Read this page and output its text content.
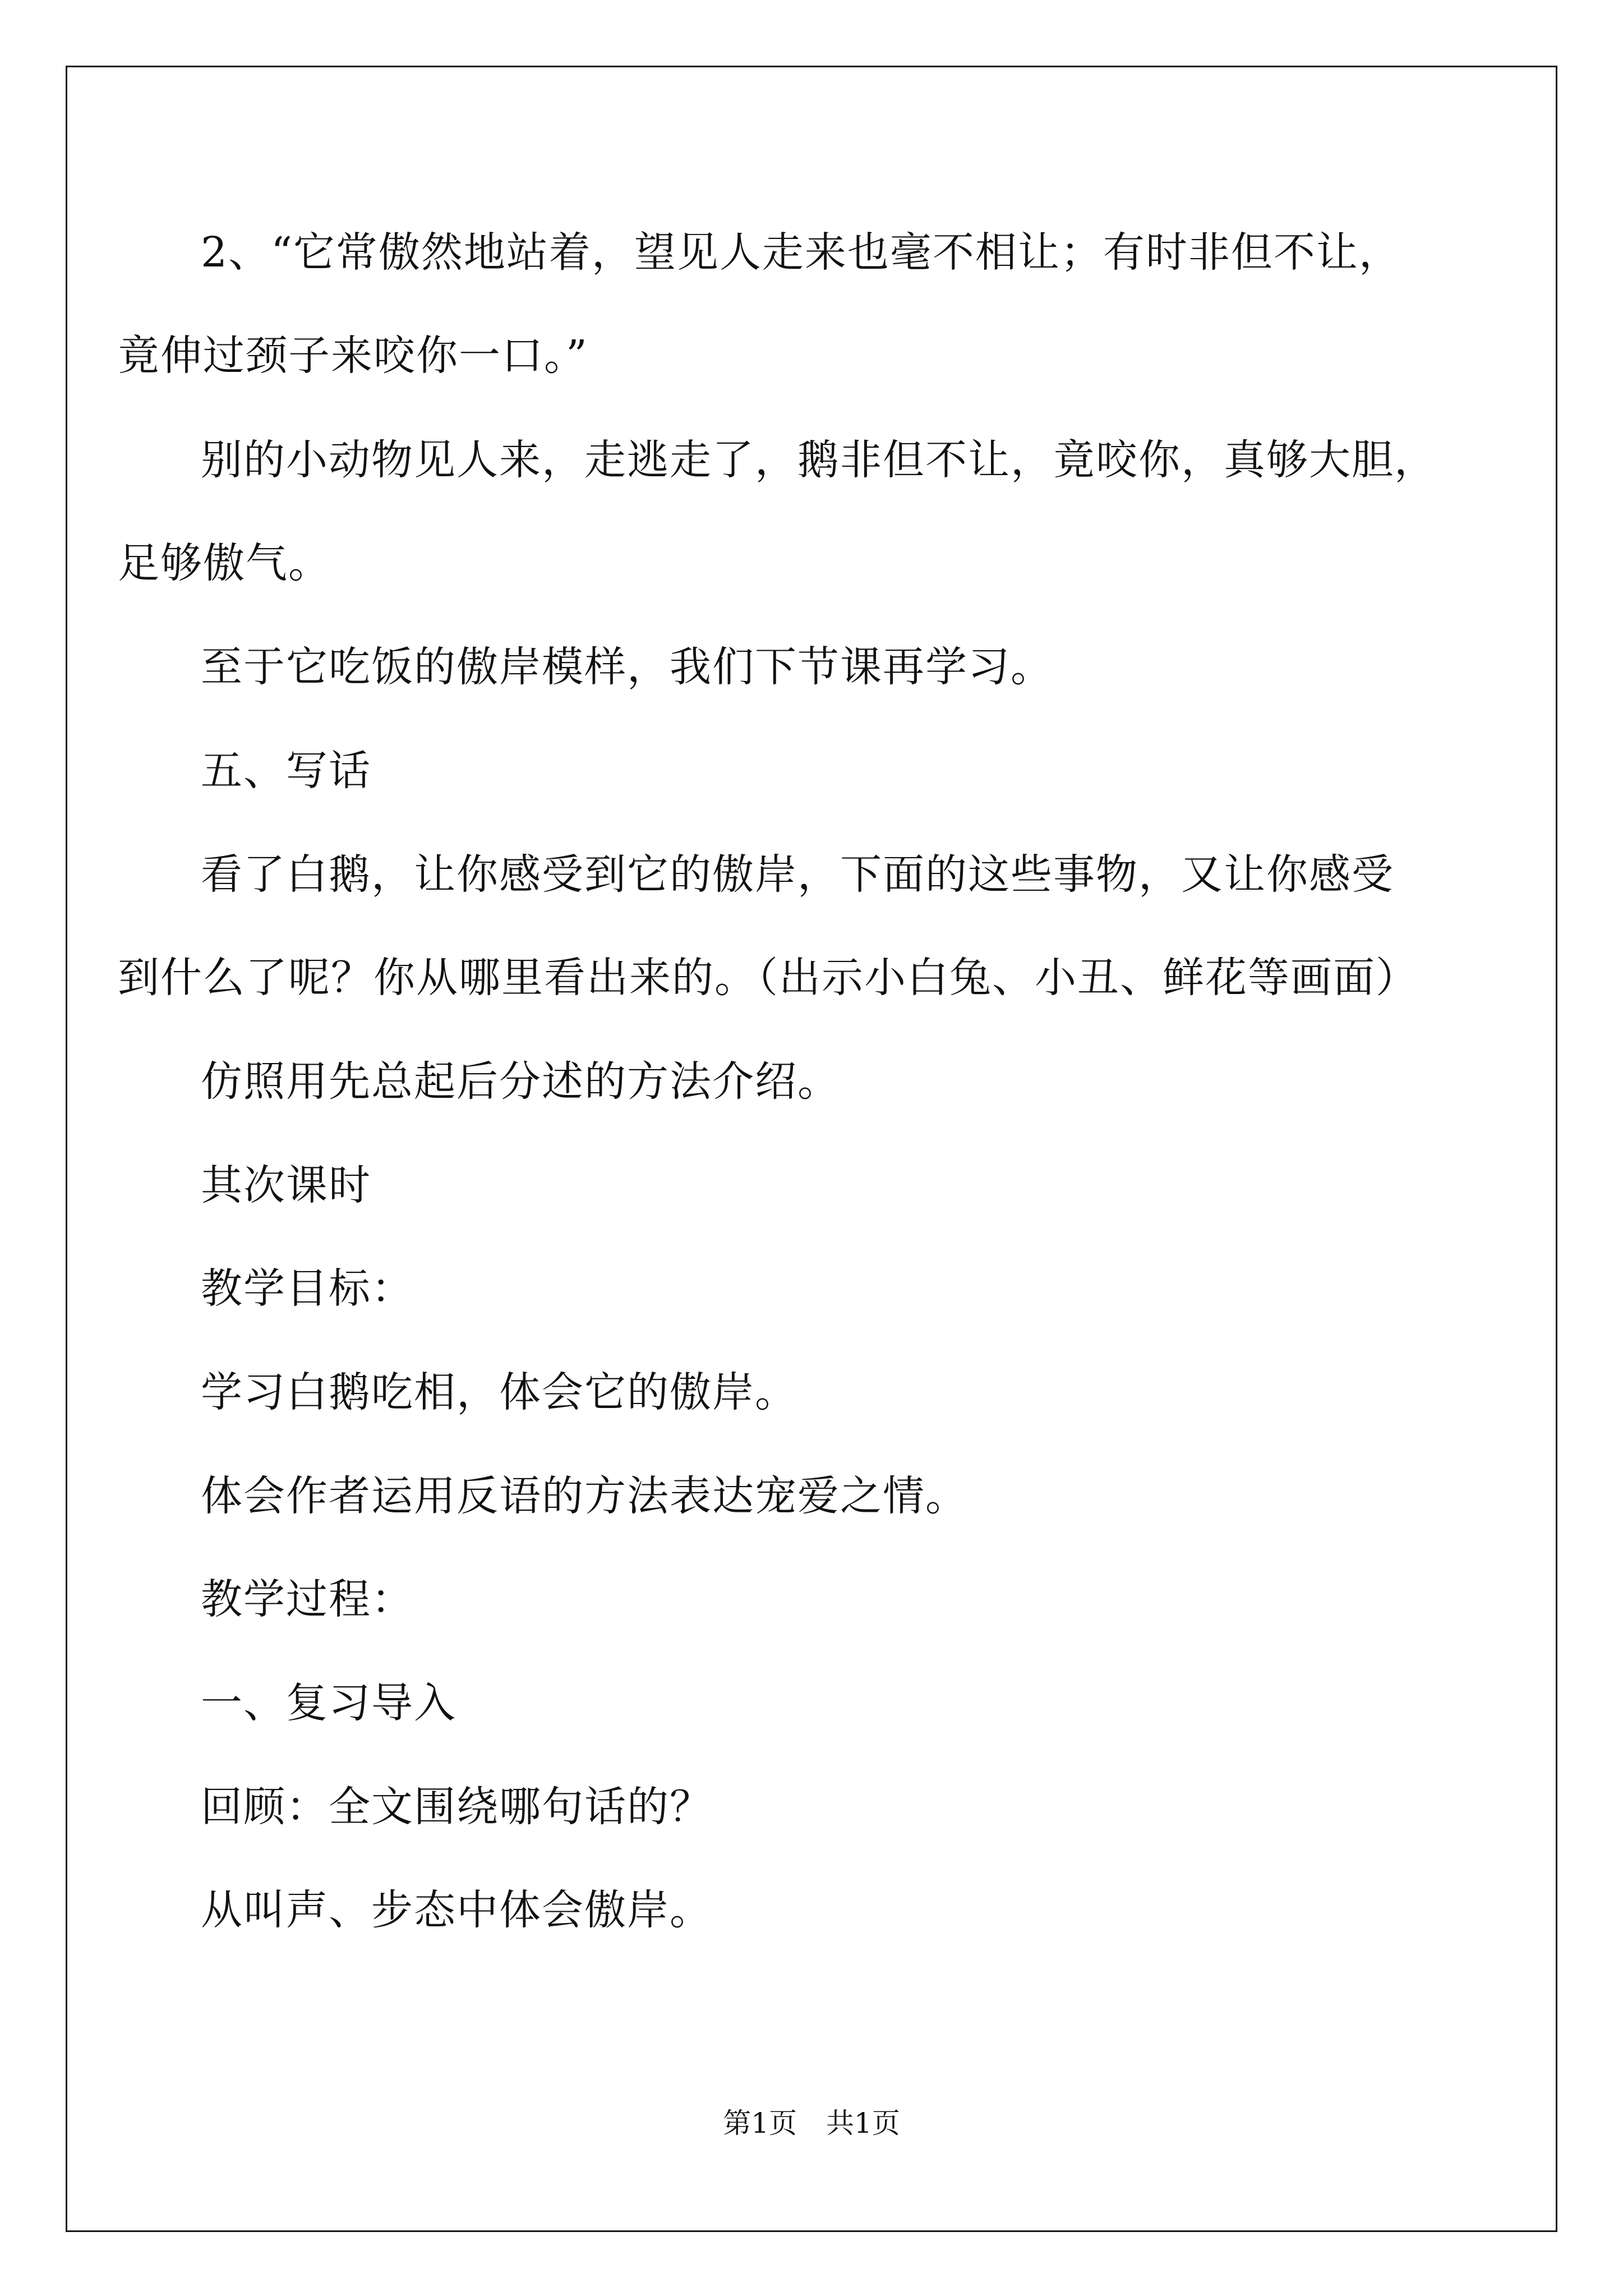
2、“它常傲然地站着，望见人走来也毫不相让；有时非但不让，
竟伸过颈子来咬你一口。”
别的小动物见人来，走逃走了，鹅非但不让，竟咬你，真够大胆，
足够傲气。
至于它吃饭的傲岸模样，我们下节课再学习。
五、写话
看了白鹅，让你感受到它的傲岸，下面的这些事物，又让你感受
到什么了呢？你从哪里看出来的。（出示小白兔、小丑、鲜花等画面）
仿照用先总起后分述的方法介绍。
其次课时
教学目标：
学习白鹅吃相，体会它的傲岸。
体会作者运用反语的方法表达宠爱之情。
教学过程：
一、复习导入
回顾：全文围绕哪句话的？
从叫声、步态中体会傲岸。
第1页 共1页
